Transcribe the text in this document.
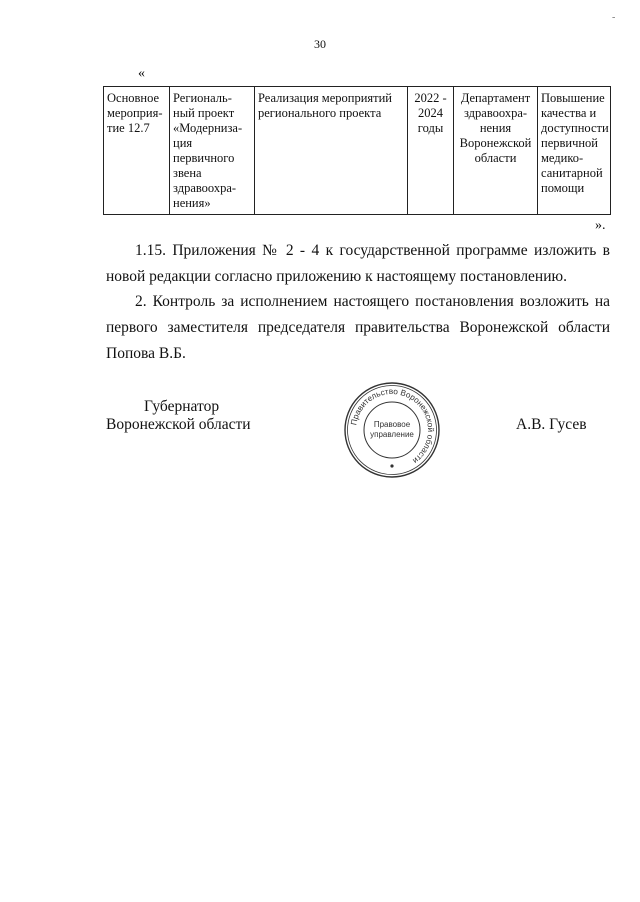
30
-
«
Основное мероприя-тие 12.7	Региональ-ный проект «Модерниза-ция первичного звена здравоохра-нения»	Реализация мероприятий регионального проекта	2022 - 2024 годы	Департамент здравоохра-нения Воронежской области	Повышение качества и доступности первичной медико-санитарной помощи
».
1.15. Приложения № 2 - 4 к государственной программе изложить в новой редакции согласно приложению к настоящему постановлению.
2. Контроль за исполнением настоящего постановления возложить на первого заместителя председателя правительства Воронежской области Попова В.Б.
Губернатор
Воронежской области	Правительство Воронежской области
Правовое
управление
А.В. Гусев
